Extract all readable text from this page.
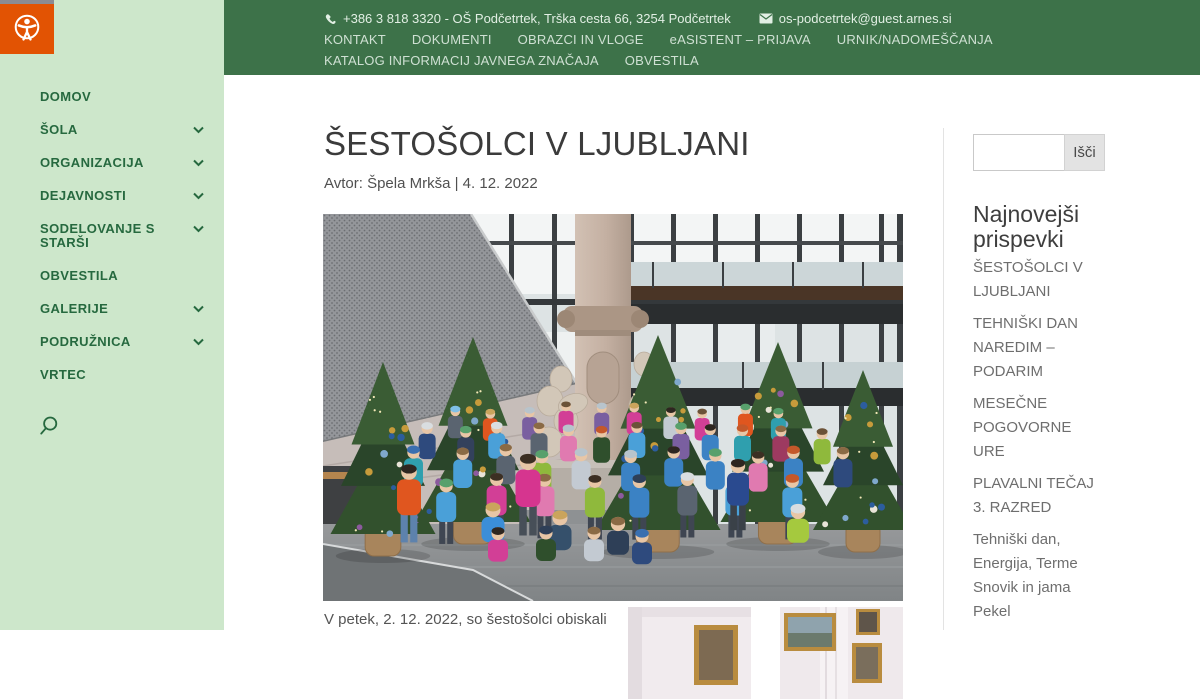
DOMOV
ŠOLA
ORGANIZACIJA
DEJAVNOSTI
SODELOVANJE S STARŠI
OBVESTILA
GALERIJE
PODRUŽNICA
VRTEC
+386 3 818 3320 - OŠ Podčetrtek, Trška cesta 66, 3254 Podčetrtek	os-podcetrtek@guest.arnes.si
KONTAKT DOKUMENTI OBRAZCI IN VLOGE eASISTENT – PRIJAVA URNIK/NADOMEŠČANJA
KATALOG INFORMACIJ JAVNEGA ZNAČAJA OBVESTILA
ŠESTOŠOLCI V LJUBLJANI
Avtor: Špela Mrkša | 4. 12. 2022

V petek, 2. 12. 2022, so šestošolci obiskali

Išči
Najnovejši prispevki
ŠESTOŠOLCI V LJUBLJANI
TEHNIŠKI DAN NAREDIM – PODARIM
MESEČNE POGOVORNE URE
PLAVALNI TEČAJ 3. RAZRED
Tehniški dan, Energija, Terme Snovik in jama Pekel
